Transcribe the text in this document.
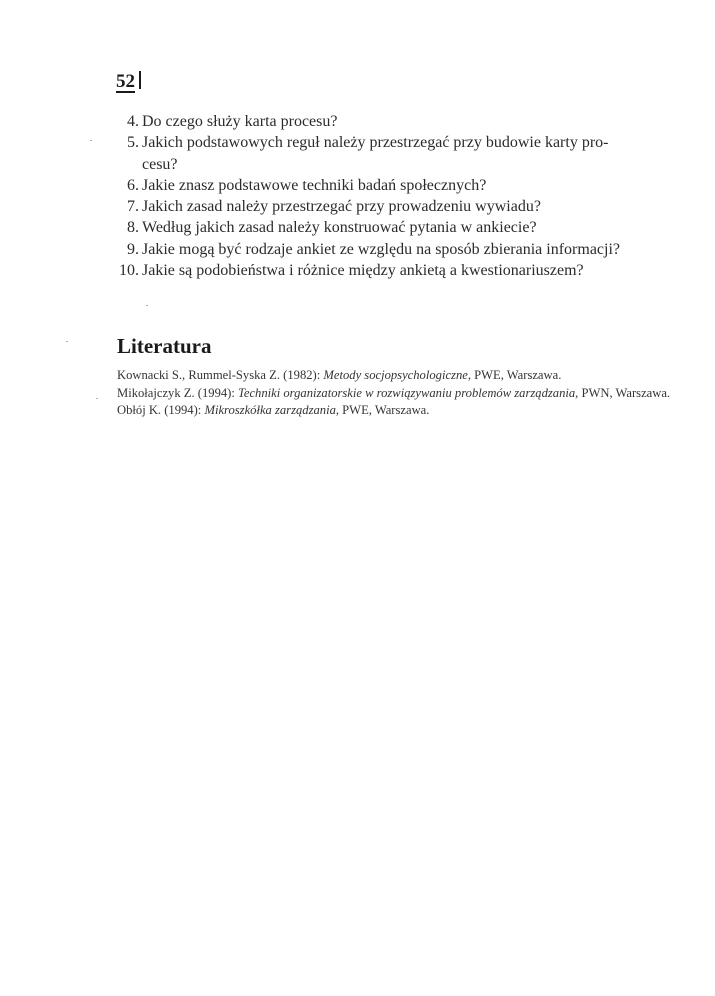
52
4. Do czego służy karta procesu?
5. Jakich podstawowych reguł należy przestrzegać przy budowie karty pro-
cesu?
6. Jakie znasz podstawowe techniki badań społecznych?
7. Jakich zasad należy przestrzegać przy prowadzeniu wywiadu?
8. Według jakich zasad należy konstruować pytania w ankiecie?
9. Jakie mogą być rodzaje ankiet ze względu na sposób zbierania informacji?
10. Jakie są podobieństwa i różnice między ankietą a kwestionariuszem?
Literatura

Kownacki S., Rummel-Syska Z. (1982): Metody socjopsychologiczne, PWE, Warszawa.

Mikołajczyk Z. (1994): Techniki organizatorskie w rozwiązywaniu problemów zarządzania, PWN, Warszawa.

Obłój K. (1994): Mikroszkółka zarządzania, PWE, Warszawa.
